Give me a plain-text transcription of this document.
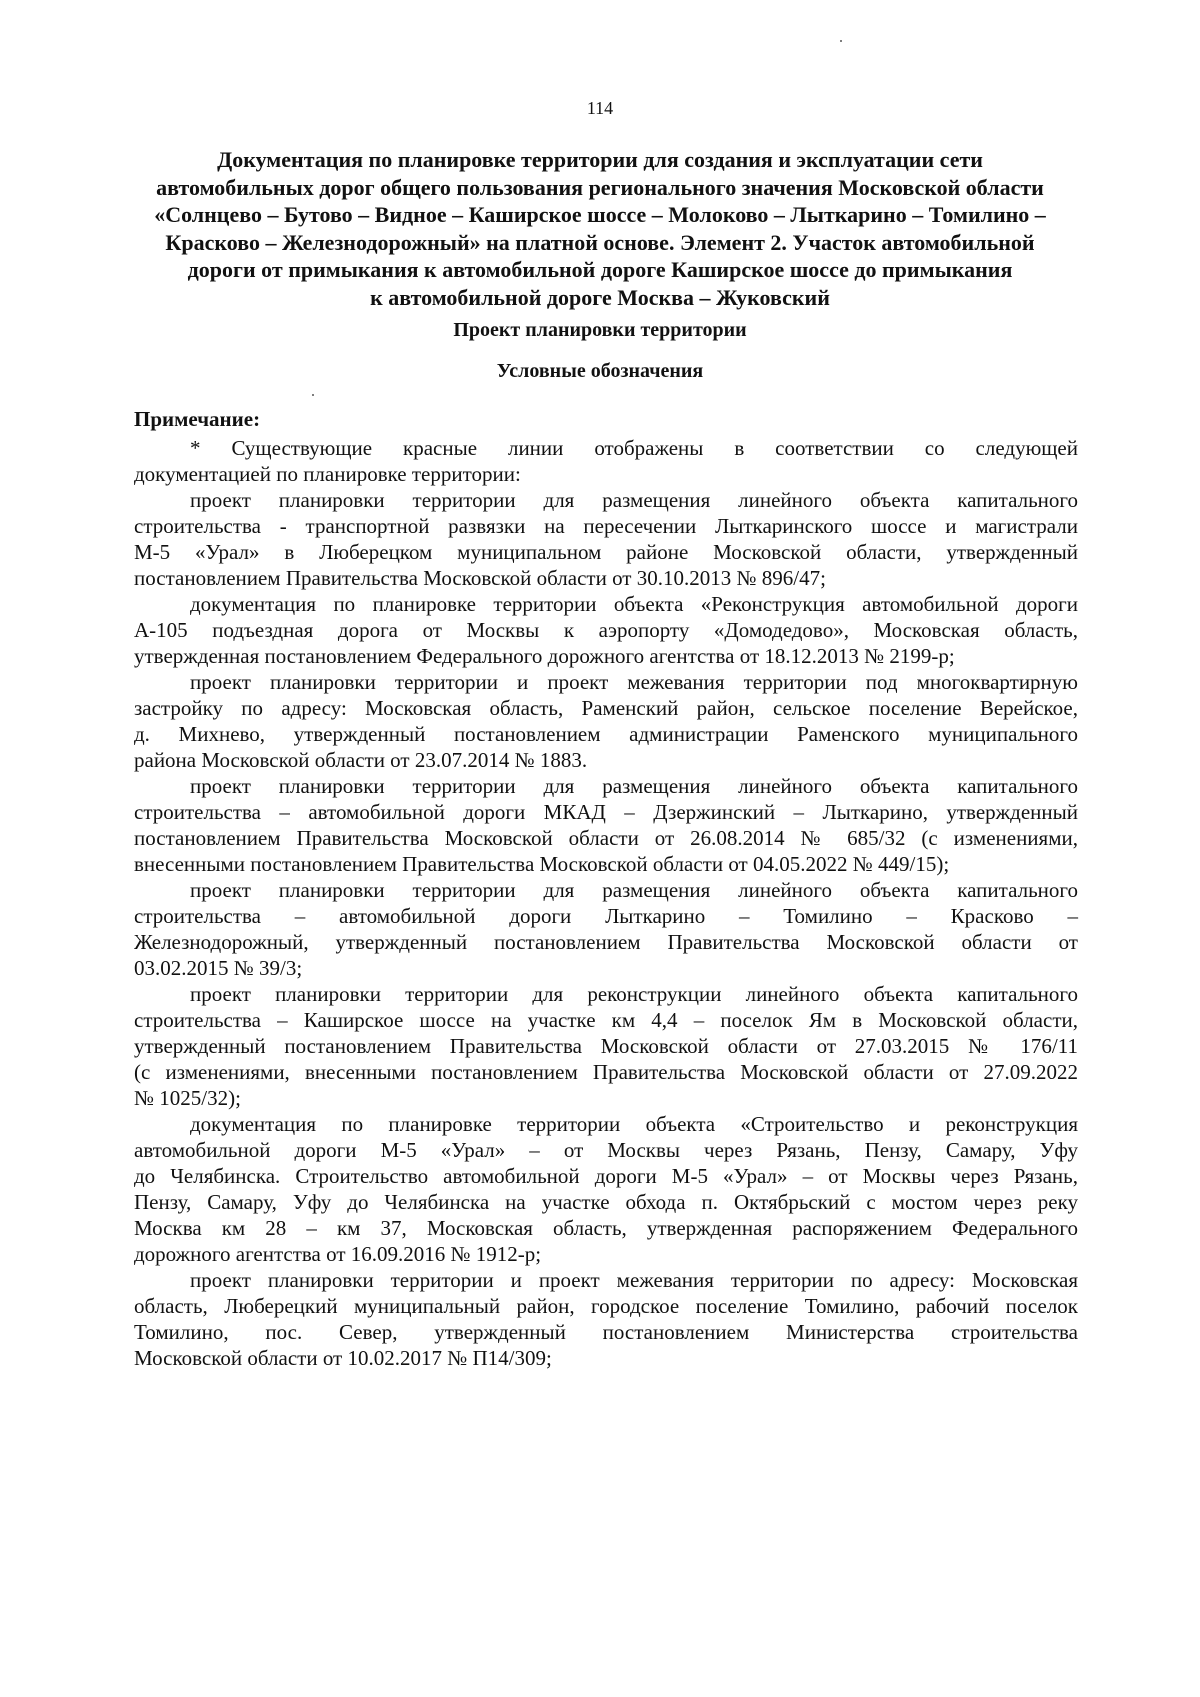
114
Документация по планировке территории для создания и эксплуатации сети
автомобильных дорог общего пользования регионального значения Московской области
«Солнцево – Бутово – Видное – Каширское шоссе – Молоково – Лыткарино – Томилино –
Красково – Железнодорожный» на платной основе. Элемент 2. Участок автомобильной
дороги от примыкания к автомобильной дороге Каширское шоссе до примыкания
к автомобильной дороге Москва – Жуковский
Проект планировки территории
Условные обозначения
Примечание:
* Существующие красные линии отображены в соответствии со следующей
документацией по планировке территории:
проект планировки территории для размещения линейного объекта капитального
строительства - транспортной развязки на пересечении Лыткаринского шоссе и магистрали
М-5 «Урал» в Люберецком муниципальном районе Московской области, утвержденный
постановлением Правительства Московской области от 30.10.2013 № 896/47;
документация по планировке территории объекта «Реконструкция автомобильной дороги
А-105 подъездная дорога от Москвы к аэропорту «Домодедово», Московская область,
утвержденная постановлением Федерального дорожного агентства от 18.12.2013 № 2199-р;
проект планировки территории и проект межевания территории под многоквартирную
застройку по адресу: Московская область, Раменский район, сельское поселение Верейское,
д. Михнево, утвержденный постановлением администрации Раменского муниципального
района Московской области от 23.07.2014 № 1883.
проект планировки территории для размещения линейного объекта капитального
строительства – автомобильной дороги МКАД – Дзержинский – Лыткарино, утвержденный
постановлением Правительства Московской области от 26.08.2014 № 685/32 (с изменениями,
внесенными постановлением Правительства Московской области от 04.05.2022 № 449/15);
проект планировки территории для размещения линейного объекта капитального
строительства – автомобильной дороги Лыткарино – Томилино – Красково –
Железнодорожный, утвержденный постановлением Правительства Московской области от
03.02.2015 № 39/3;
проект планировки территории для реконструкции линейного объекта капитального
строительства – Каширское шоссе на участке км 4,4 – поселок Ям в Московской области,
утвержденный постановлением Правительства Московской области от 27.03.2015 № 176/11
(с изменениями, внесенными постановлением Правительства Московской области от 27.09.2022
№ 1025/32);
документация по планировке территории объекта «Строительство и реконструкция
автомобильной дороги М-5 «Урал» – от Москвы через Рязань, Пензу, Самару, Уфу
до Челябинска. Строительство автомобильной дороги М-5 «Урал» – от Москвы через Рязань,
Пензу, Самару, Уфу до Челябинска на участке обхода п. Октябрьский с мостом через реку
Москва км 28 – км 37, Московская область, утвержденная распоряжением Федерального
дорожного агентства от 16.09.2016 № 1912-р;
проект планировки территории и проект межевания территории по адресу: Московская
область, Люберецкий муниципальный район, городское поселение Томилино, рабочий поселок
Томилино, пос. Север, утвержденный постановлением Министерства строительства
Московской области от 10.02.2017 № П14/309;
